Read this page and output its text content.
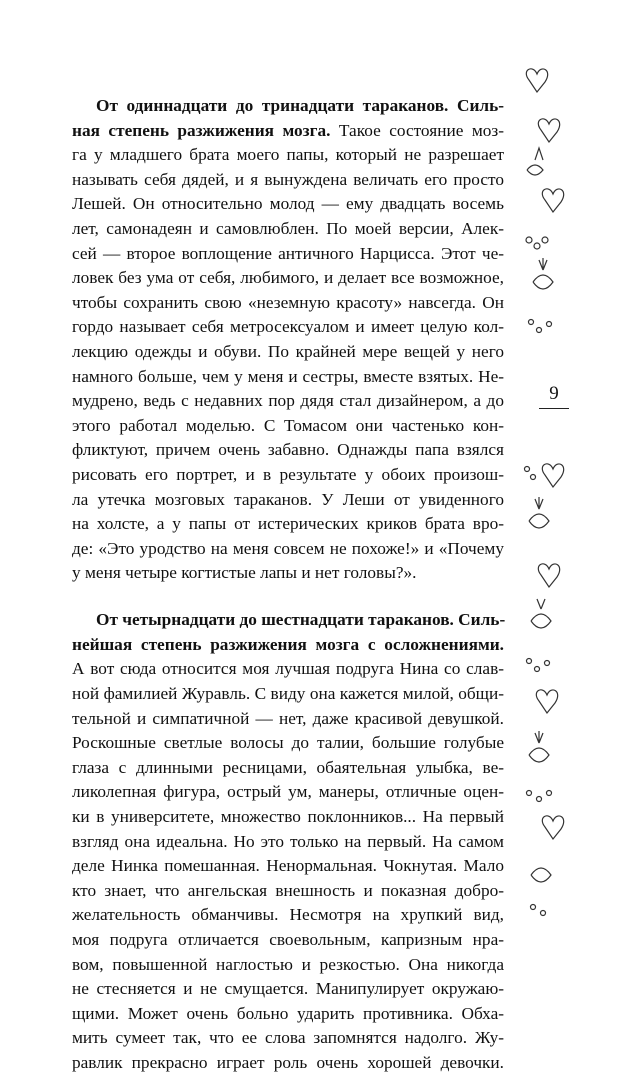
От одиннадцати до тринадцати тараканов. Силь-
ная степень разжижения мозга. Такое состояние моз-
га у младшего брата моего папы, который не разрешает
называть себя дядей, и я вынуждена величать его просто
Лешей. Он относительно молод — ему двадцать восемь
лет, самонадеян и самовлюблен. По моей версии, Алек-
сей — второе воплощение античного Нарцисса. Этот че-
ловек без ума от себя, любимого, и делает все возможное,
чтобы сохранить свою «неземную красоту» навсегда. Он
гордо называет себя метросексуалом и имеет целую кол-
лекцию одежды и обуви. По крайней мере вещей у него
намного больше, чем у меня и сестры, вместе взятых. Не-
мудрено, ведь с недавних пор дядя стал дизайнером, а до
этого работал моделью. С Томасом они частенько кон-
фликтуют, причем очень забавно. Однажды папа взялся
рисовать его портрет, и в результате у обоих произош-
ла утечка мозговых тараканов. У Леши от увиденного
на холсте, а у папы от истерических криков брата вро-
де: «Это уродство на меня совсем не похоже!» и «Почему
у меня четыре когтистые лапы и нет головы?».
От четырнадцати до шестнадцати тараканов. Силь-
нейшая степень разжижения мозга с осложнениями.
А вот сюда относится моя лучшая подруга Нина со слав-
ной фамилией Журавль. С виду она кажется милой, общи-
тельной и симпатичной — нет, даже красивой девушкой.
Роскошные светлые волосы до талии, большие голубые
глаза с длинными ресницами, обаятельная улыбка, ве-
ликолепная фигура, острый ум, манеры, отличные оцен-
ки в университете, множество поклонников... На первый
взгляд она идеальна. Но это только на первый. На самом
деле Нинка помешанная. Ненормальная. Чокнутая. Мало
кто знает, что ангельская внешность и показная добро-
желательность обманчивы. Несмотря на хрупкий вид,
моя подруга отличается своевольным, капризным нра-
вом, повышенной наглостью и резкостью. Она никогда
не стесняется и не смущается. Манипулирует окружаю-
щими. Может очень больно ударить противника. Обха-
мить сумеет так, что ее слова запомнятся надолго. Жу-
равлик прекрасно играет роль очень хорошей девочки.
9
